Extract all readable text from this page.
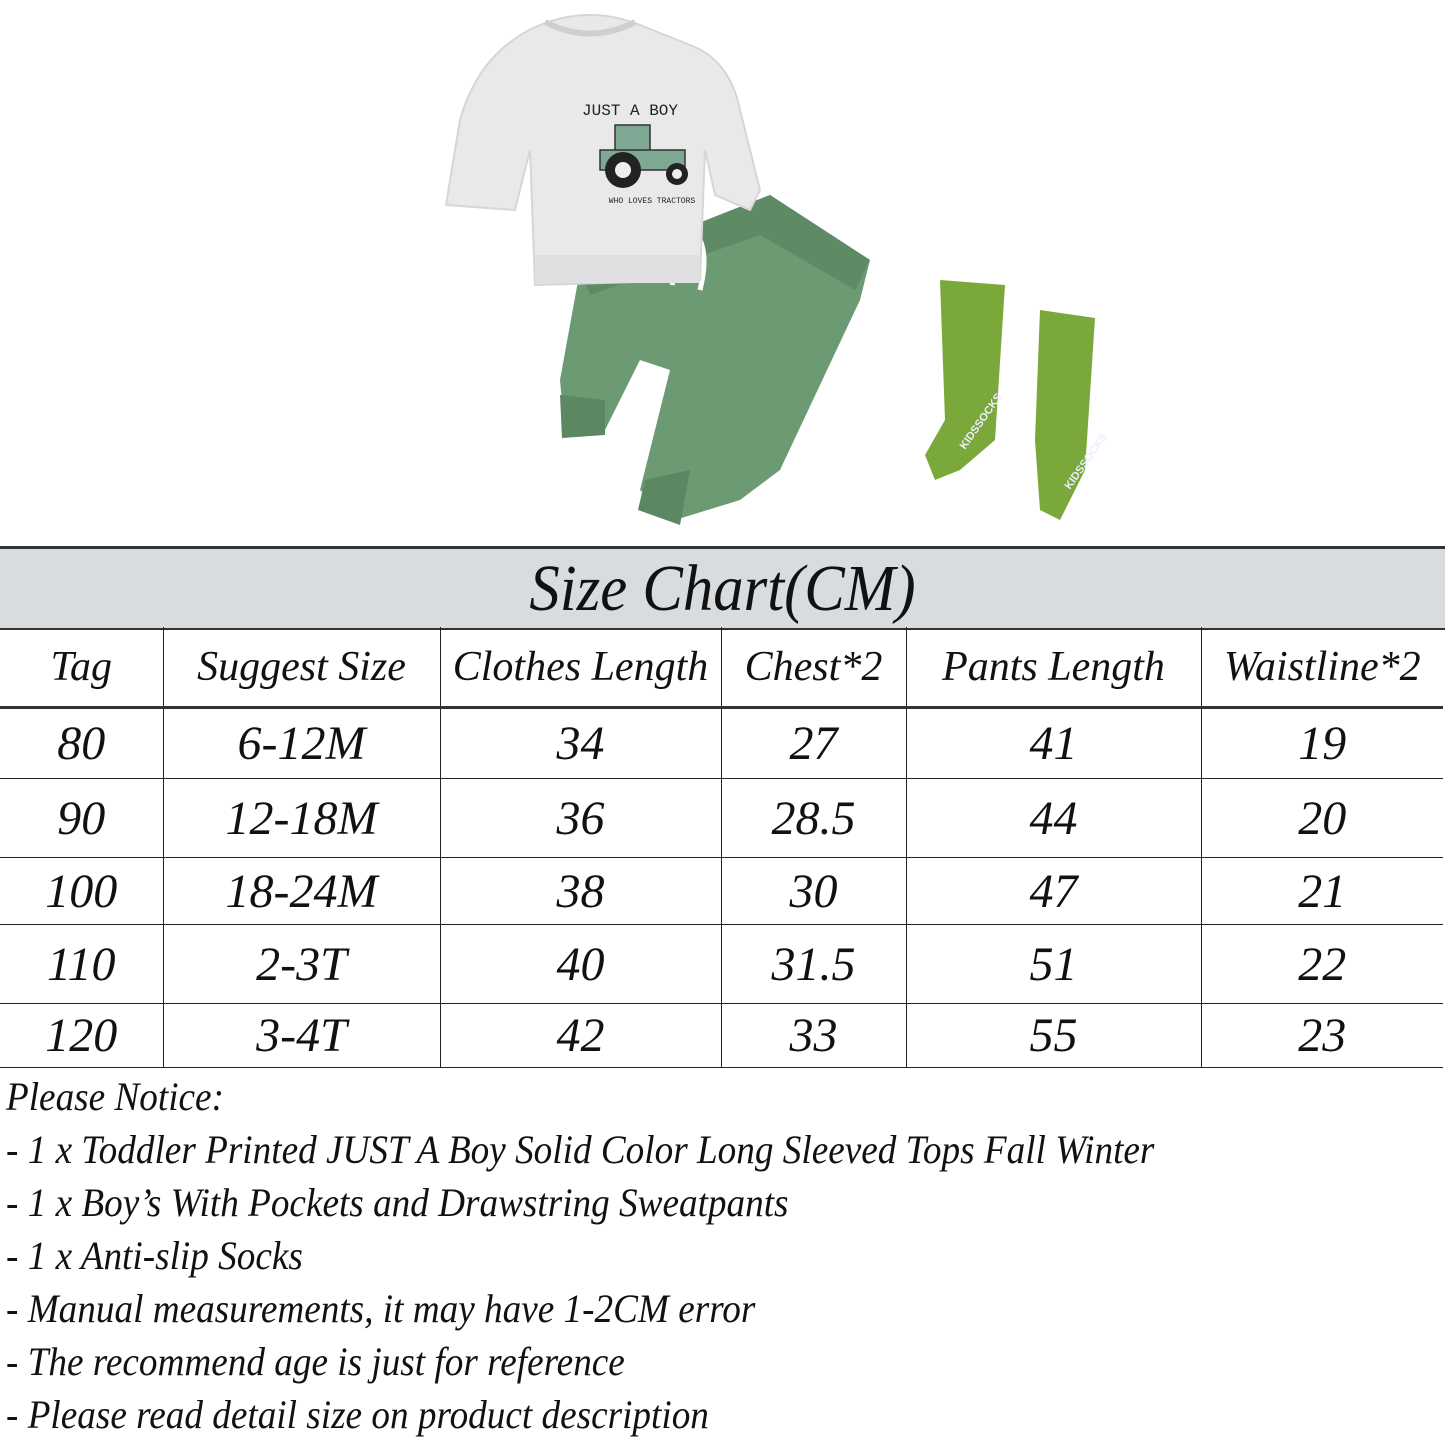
JUST A BOY
WHO LOVES TRACTORS
KIDSSOCKS
KIDSSOCKS
Size Chart(CM)
Tag	Suggest Size	Clothes Length	Chest*2	Pants Length	Waistline*2
80	6-12M	34	27	41	19
90	12-18M	36	28.5	44	20
100	18-24M	38	30	47	21
110	2-3T	40	31.5	51	22
120	3-4T	42	33	55	23
Please Notice:
- 1 x Toddler Printed JUST A Boy Solid Color Long Sleeved Tops Fall Winter
- 1 x Boy’s With Pockets and Drawstring Sweatpants
- 1 x Anti-slip Socks
- Manual measurements, it may have 1-2CM error
- The recommend age is just for reference
- Please read detail size on product description
